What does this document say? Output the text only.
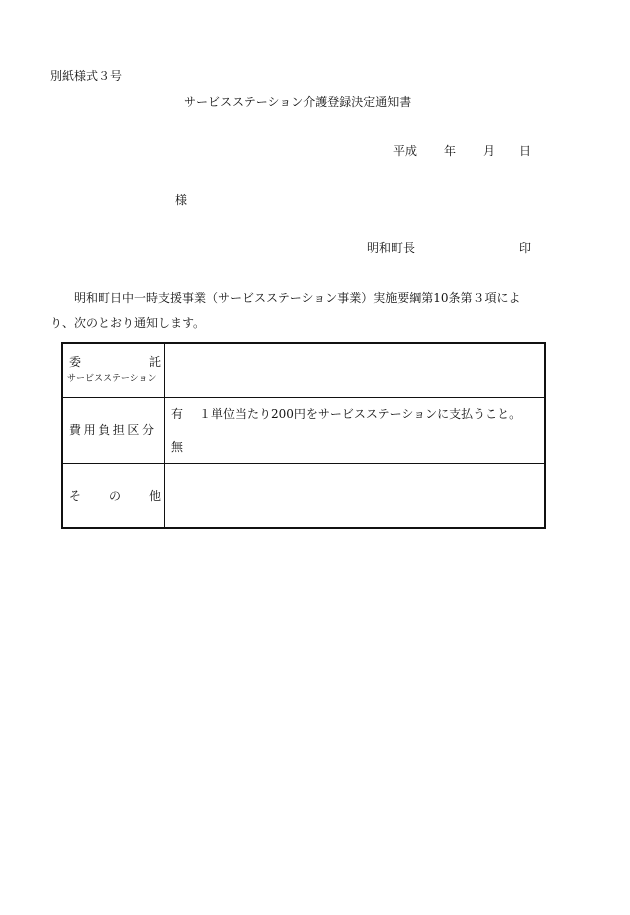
別紙様式３号
サービスステーション介護登録決定通知書
平成 年 月 日
様
明和町長	印
明和町日中一時支援事業（サービスステーション事業）実施要綱第10条第３項によ
り、次のとおり通知します。
委	託
サービスステーション
費用負担区分
有 １単位当たり200円をサービスステーションに支払うこと。
無
そ の 他
